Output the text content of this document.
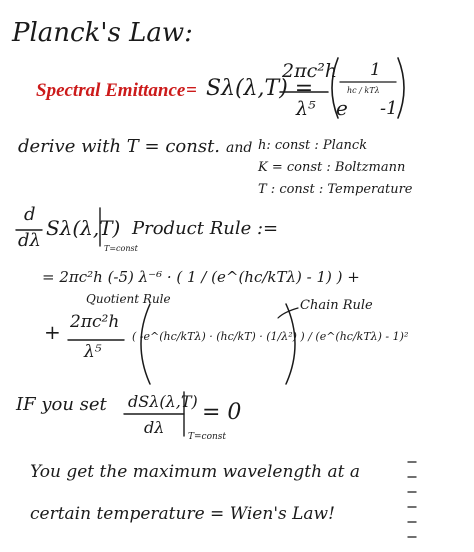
Planck's Law:
Spectral Emittance = Sλ(λ,T) =
2πc²h
λ⁵
1
e
hc / kTλ
-1
derive with T = const. and h: const : Planck
K = const : Boltzmann
T : const : Temperature
d
dλ
Sλ(λ,T)
T=const
Product Rule :=
= 2πc²h (-5) λ⁻⁶ · ( 1 / (e^(hc/kTλ) - 1) ) +
Quotient Rule
+ 2πc²h
λ⁵
( -e^(hc/kTλ) · (hc/kT) · (1/λ²) ) / (e^(hc/kTλ) - 1)²
Chain Rule
IF you set dSλ(λ,T)
dλ	T=const
= 0
You get the maximum wavelength at a
certain temperature = Wien's Law!
